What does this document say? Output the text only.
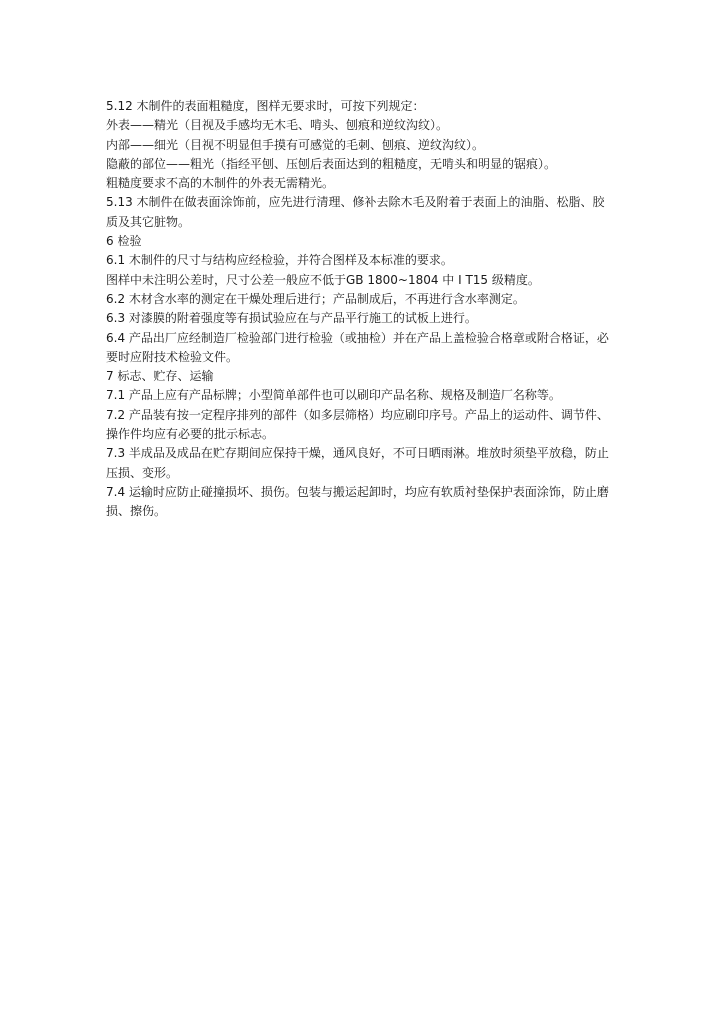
5.12 木制件的表面粗糙度，图样无要求时，可按下列规定：
外表——精光（目视及手感均无木毛、啃头、刨痕和逆纹沟纹）。
内部——细光（目视不明显但手摸有可感觉的毛刺、刨痕、逆纹沟纹）。
隐蔽的部位——粗光（指经平刨、压刨后表面达到的粗糙度，无啃头和明显的锯痕）。
粗糙度要求不高的木制件的外表无需精光。
5.13 木制件在做表面涂饰前，应先进行清理、修补去除木毛及附着于表面上的油脂、松脂、胶
质及其它脏物。
6 检验
6.1 木制件的尺寸与结构应经检验，并符合图样及本标准的要求。
图样中未注明公差时，尺寸公差一般应不低于GB 1800~1804 中 I T15 级精度。
6.2 木材含水率的测定在干燥处理后进行；产品制成后，不再进行含水率测定。
6.3 对漆膜的附着强度等有损试验应在与产品平行施工的试板上进行。
6.4 产品出厂应经制造厂检验部门进行检验（或抽检）并在产品上盖检验合格章或附合格证，必
要时应附技术检验文件。
7 标志、贮存、运输
7.1 产品上应有产品标牌；小型简单部件也可以刷印产品名称、规格及制造厂名称等。
7.2 产品装有按一定程序排列的部件（如多层筛格）均应刷印序号。产品上的运动件、调节件、
操作件均应有必要的批示标志。
7.3 半成品及成品在贮存期间应保持干燥，通风良好，不可日晒雨淋。堆放时须垫平放稳，防止
压损、变形。
7.4 运输时应防止碰撞损坏、损伤。包装与搬运起卸时，均应有软质衬垫保护表面涂饰，防止磨
损、擦伤。
